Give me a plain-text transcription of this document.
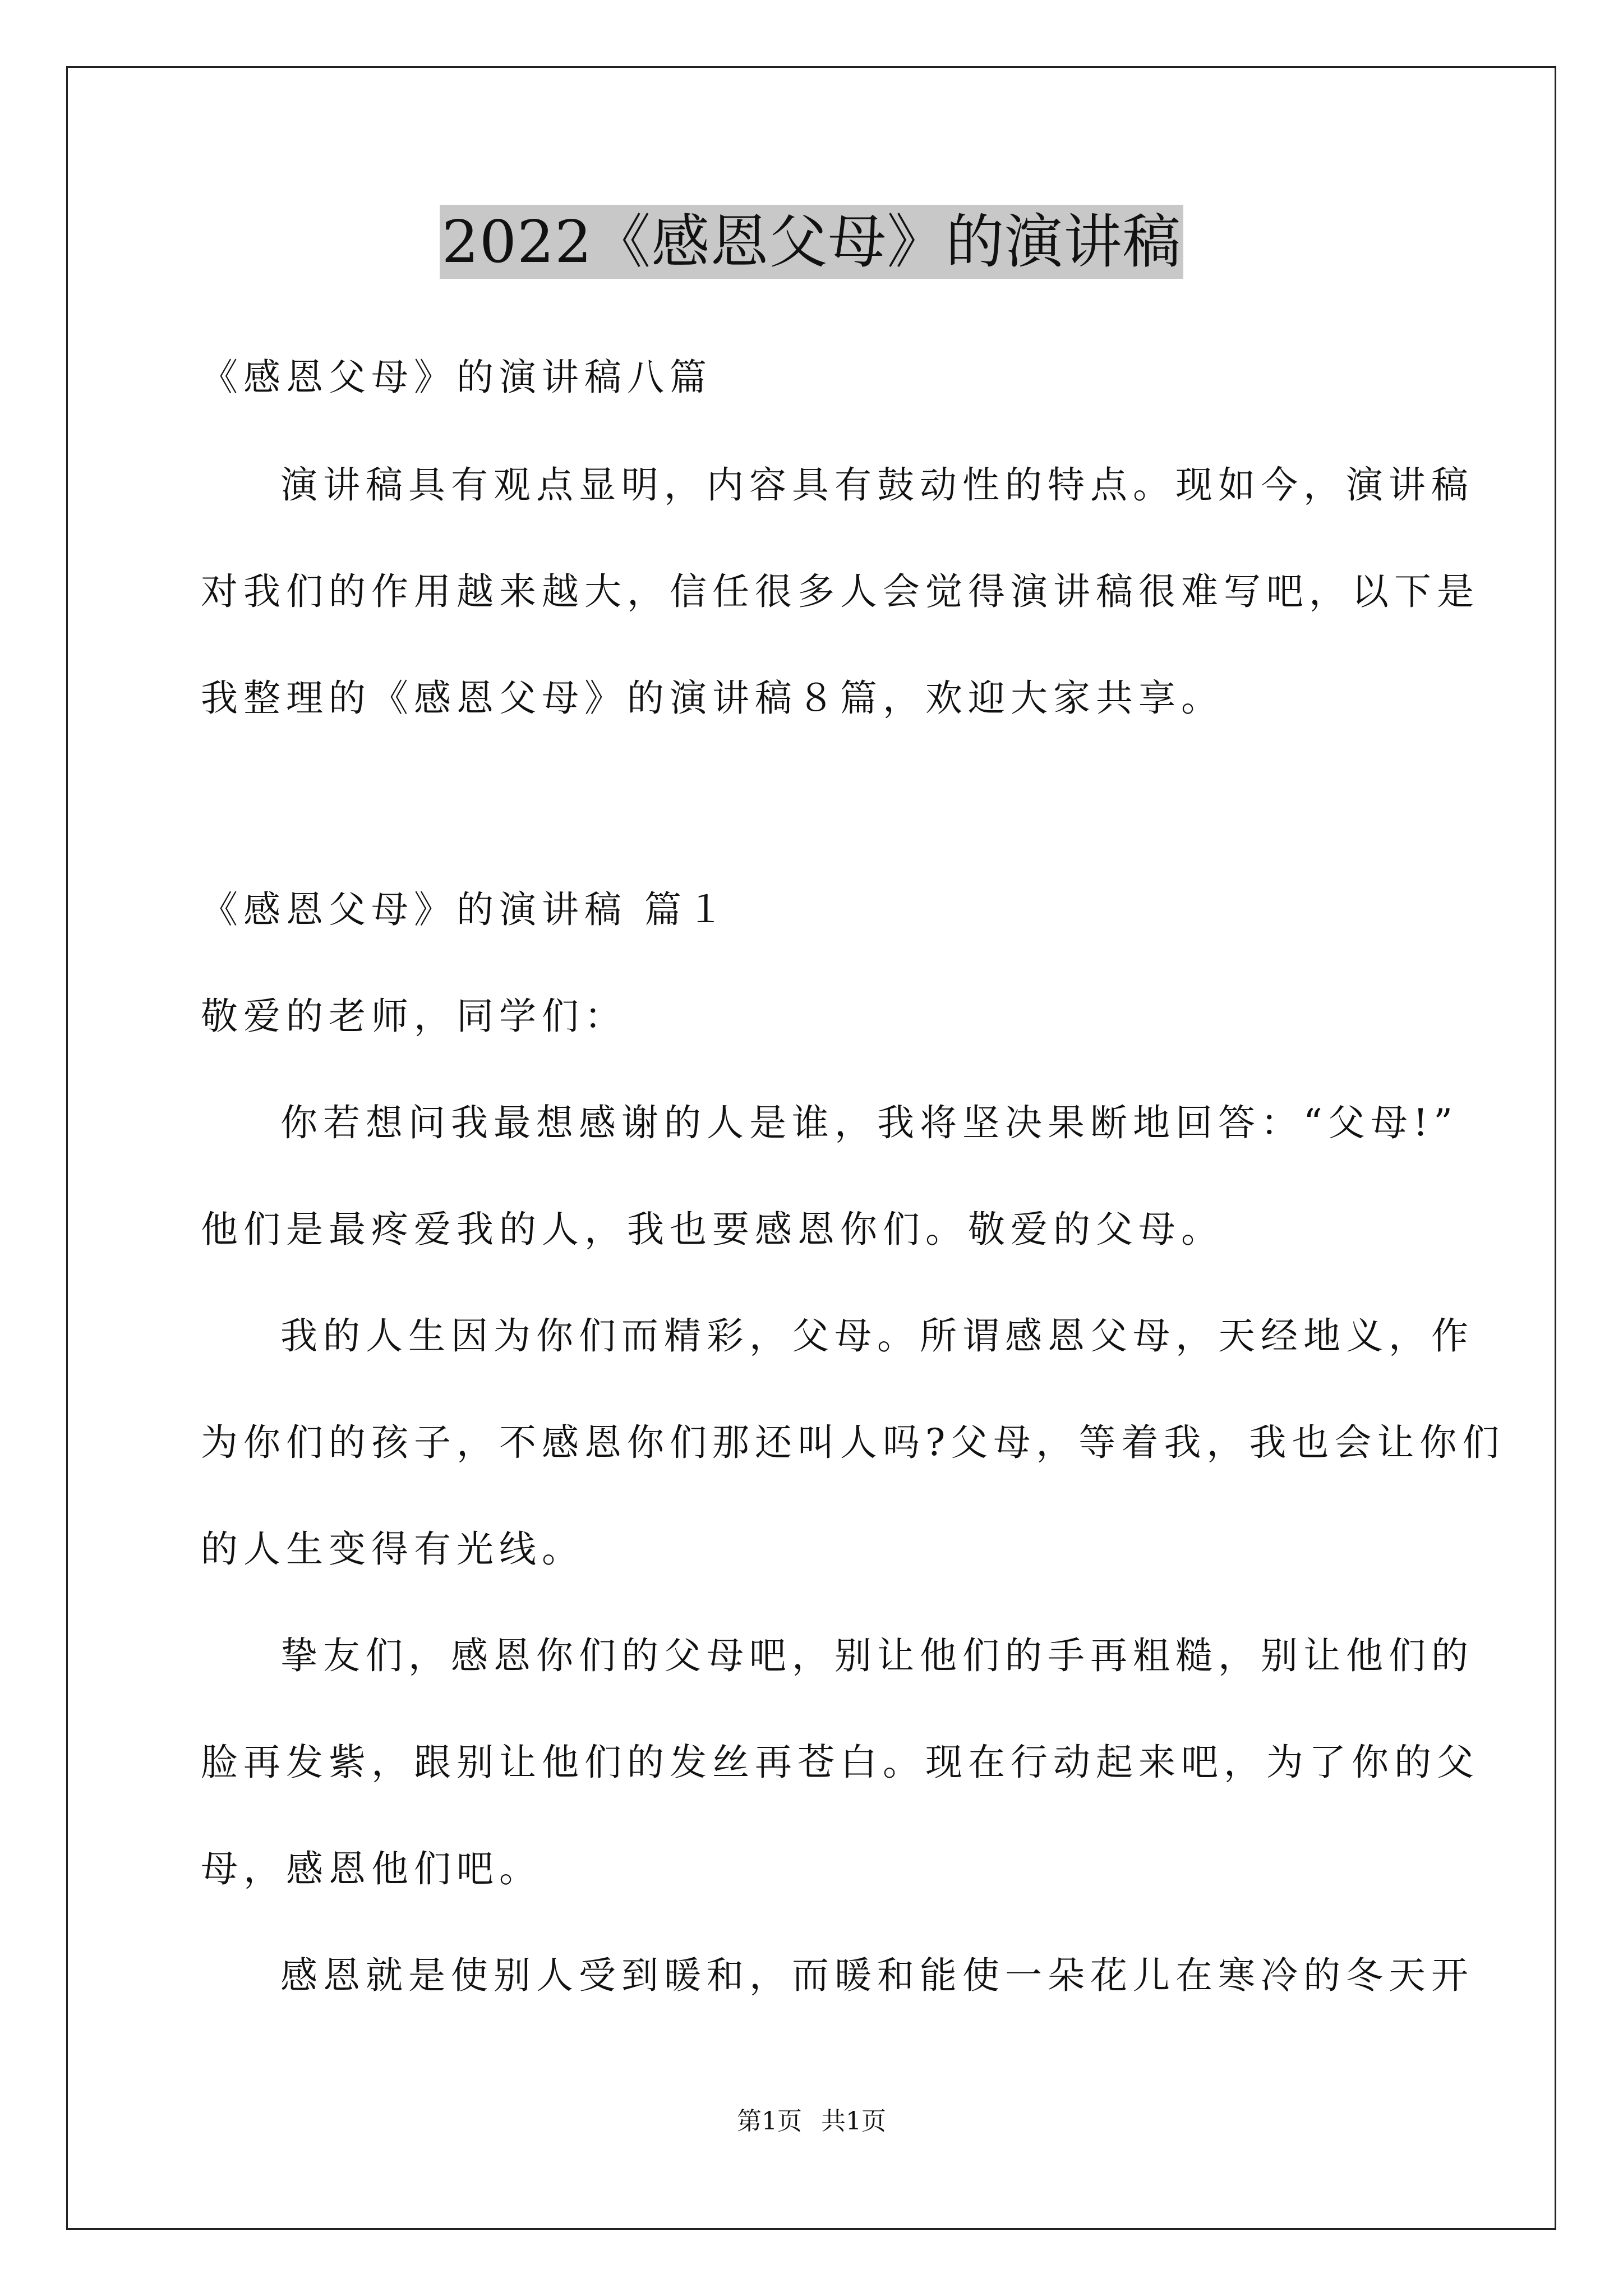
2022《感恩父母》的演讲稿
《感恩父母》的演讲稿八篇
演讲稿具有观点显明，内容具有鼓动性的特点。现如今，演讲稿
对我们的作用越来越大，信任很多人会觉得演讲稿很难写吧，以下是
我整理的《感恩父母》的演讲稿８篇，欢迎大家共享。
《感恩父母》的演讲稿 篇１
敬爱的老师，同学们：
你若想问我最想感谢的人是谁，我将坚决果断地回答：“父母!”
他们是最疼爱我的人，我也要感恩你们。敬爱的父母。
我的人生因为你们而精彩，父母。所谓感恩父母，天经地义，作
为你们的孩子，不感恩你们那还叫人吗?父母，等着我，我也会让你们
的人生变得有光线。
挚友们，感恩你们的父母吧，别让他们的手再粗糙，别让他们的
脸再发紫，跟别让他们的发丝再苍白。现在行动起来吧，为了你的父
母，感恩他们吧。
感恩就是使别人受到暖和，而暖和能使一朵花儿在寒冷的冬天开
第1页 共1页
